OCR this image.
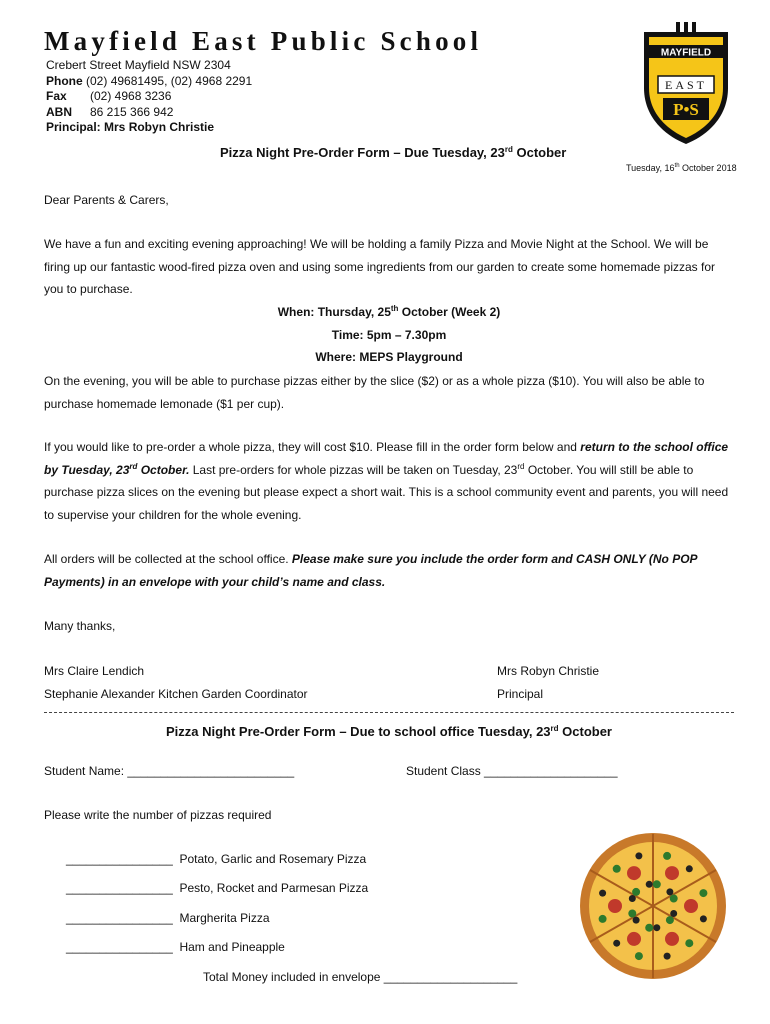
Mayfield East Public School
Crebert Street Mayfield NSW 2304
Phone (02) 49681495, (02) 4968 2291
Fax (02) 4968 3236
ABN 86 215 366 942
Principal: Mrs Robyn Christie
MAYFIELD
EAST
P•S
Pizza Night Pre-Order Form – Due Tuesday, 23rd October
Tuesday, 16th October 2018
Dear Parents & Carers,
We have a fun and exciting evening approaching! We will be holding a family Pizza and Movie Night at the School. We will be firing up our fantastic wood-fired pizza oven and using some ingredients from our garden to create some homemade pizzas for you to purchase.
When: Thursday, 25th October (Week 2)
Time: 5pm – 7.30pm
Where: MEPS Playground
On the evening, you will be able to purchase pizzas either by the slice ($2) or as a whole pizza ($10). You will also be able to purchase homemade lemonade ($1 per cup).
If you would like to pre-order a whole pizza, they will cost $10. Please fill in the order form below and return to the school office by Tuesday, 23rd October. Last pre-orders for whole pizzas will be taken on Tuesday, 23rd October. You will still be able to purchase pizza slices on the evening but please expect a short wait. This is a school community event and parents, you will need to supervise your children for the whole evening.
All orders will be collected at the school office. Please make sure you include the order form and CASH ONLY (No POP Payments) in an envelope with your child’s name and class.
Many thanks,
Mrs Claire Lendich
Stephanie Alexander Kitchen Garden Coordinator
Mrs Robyn Christie
Principal
Pizza Night Pre-Order Form – Due to school office Tuesday, 23rd October
Student Name: _________________________	Student Class ____________________
Please write the number of pizzas required
________________ Potato, Garlic and Rosemary Pizza
________________ Pesto, Rocket and Parmesan Pizza
________________ Margherita Pizza
________________ Ham and Pineapple
Total Money included in envelope ____________________
